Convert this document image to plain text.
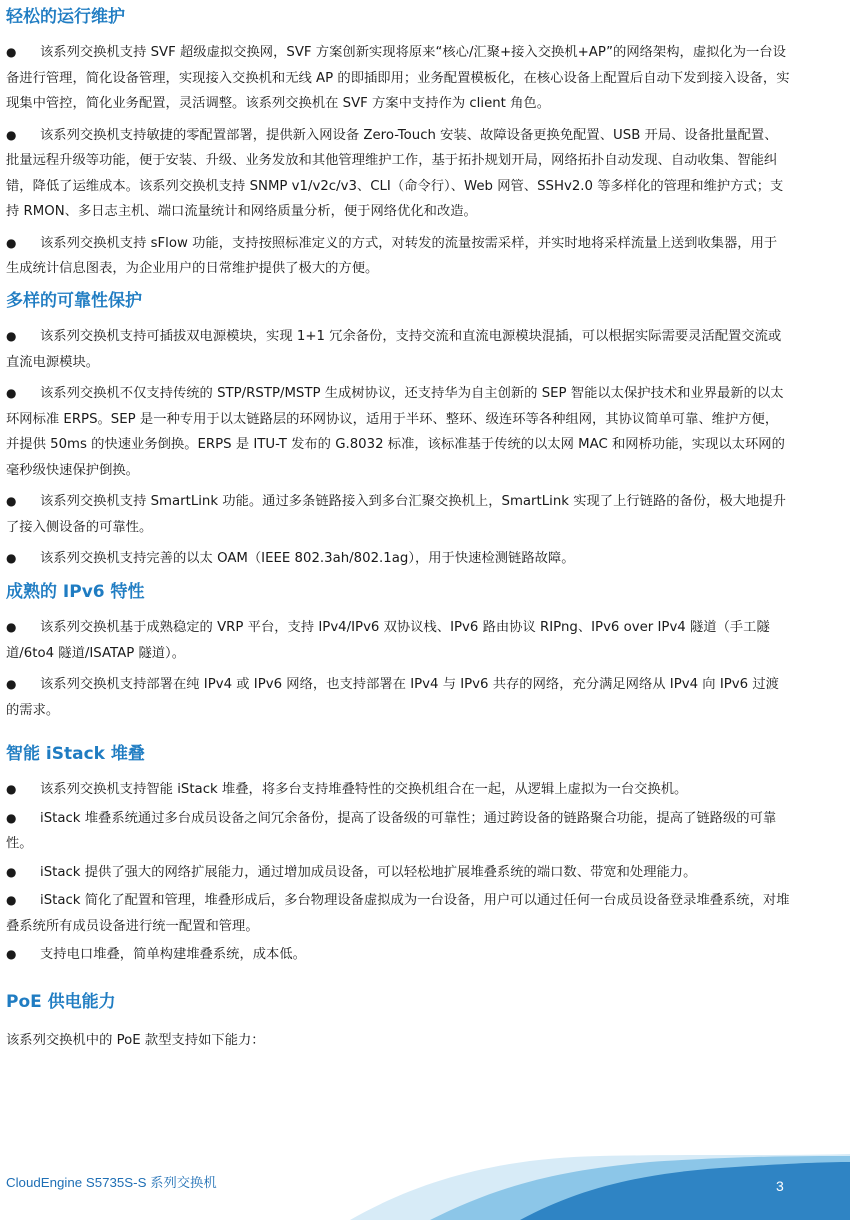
轻松的运行维护

●	该系列交换机支持 SVF 超级虚拟交换网，SVF 方案创新实现将原来“核心/汇聚+接入交换机+AP”的网络架构，虚拟化为一台设备进行管理，简化设备管理，实现接入交换机和无线 AP 的即插即用；业务配置模板化，在核心设备上配置后自动下发到接入设备，实现集中管控，简化业务配置，灵活调整。该系列交换机在 SVF 方案中支持作为 client 角色。

●	该系列交换机支持敏捷的零配置部署，提供新入网设备 Zero-Touch 安装、故障设备更换免配置、USB 开局、设备批量配置、批量远程升级等功能，便于安装、升级、业务发放和其他管理维护工作，基于拓扑规划开局，网络拓扑自动发现、自动收集、智能纠错，降低了运维成本。该系列交换机支持 SNMP v1/v2c/v3、CLI（命令行）、Web 网管、SSHv2.0 等多样化的管理和维护方式；支持 RMON、多日志主机、端口流量统计和网络质量分析，便于网络优化和改造。

●	该系列交换机支持 sFlow 功能，支持按照标准定义的方式，对转发的流量按需采样，并实时地将采样流量上送到收集器，用于生成统计信息图表，为企业用户的日常维护提供了极大的方便。

多样的可靠性保护

●	该系列交换机支持可插拔双电源模块，实现 1+1 冗余备份，支持交流和直流电源模块混插，可以根据实际需要灵活配置交流或直流电源模块。

●	该系列交换机不仅支持传统的 STP/RSTP/MSTP 生成树协议，还支持华为自主创新的 SEP 智能以太保护技术和业界最新的以太环网标准 ERPS。SEP 是一种专用于以太链路层的环网协议，适用于半环、整环、级连环等各种组网，其协议简单可靠、维护方便，并提供 50ms 的快速业务倒换。ERPS 是 ITU-T 发布的 G.8032 标准，该标准基于传统的以太网 MAC 和网桥功能，实现以太环网的毫秒级快速保护倒换。

●	该系列交换机支持 SmartLink 功能。通过多条链路接入到多台汇聚交换机上，SmartLink 实现了上行链路的备份，极大地提升了接入侧设备的可靠性。

●	该系列交换机支持完善的以太 OAM（IEEE 802.3ah/802.1ag），用于快速检测链路故障。

成熟的 IPv6 特性

●	该系列交换机基于成熟稳定的 VRP 平台，支持 IPv4/IPv6 双协议栈、IPv6 路由协议 RIPng、IPv6 over IPv4 隧道（手工隧道/6to4 隧道/ISATAP 隧道）。

●	该系列交换机支持部署在纯 IPv4 或 IPv6 网络，也支持部署在 IPv4 与 IPv6 共存的网络，充分满足网络从 IPv4 向 IPv6 过渡的需求。

智能 iStack 堆叠

●	该系列交换机支持智能 iStack 堆叠，将多台支持堆叠特性的交换机组合在一起，从逻辑上虚拟为一台交换机。

●	iStack 堆叠系统通过多台成员设备之间冗余备份，提高了设备级的可靠性；通过跨设备的链路聚合功能，提高了链路级的可靠性。

●	iStack 提供了强大的网络扩展能力，通过增加成员设备，可以轻松地扩展堆叠系统的端口数、带宽和处理能力。

●	iStack 简化了配置和管理，堆叠形成后，多台物理设备虚拟成为一台设备，用户可以通过任何一台成员设备登录堆叠系统，对堆叠系统所有成员设备进行统一配置和管理。

●	支持电口堆叠，简单构建堆叠系统，成本低。

PoE 供电能力

该系列交换机中的 PoE 款型支持如下能力：

CloudEngine S5735S-S 系列交换机	3
